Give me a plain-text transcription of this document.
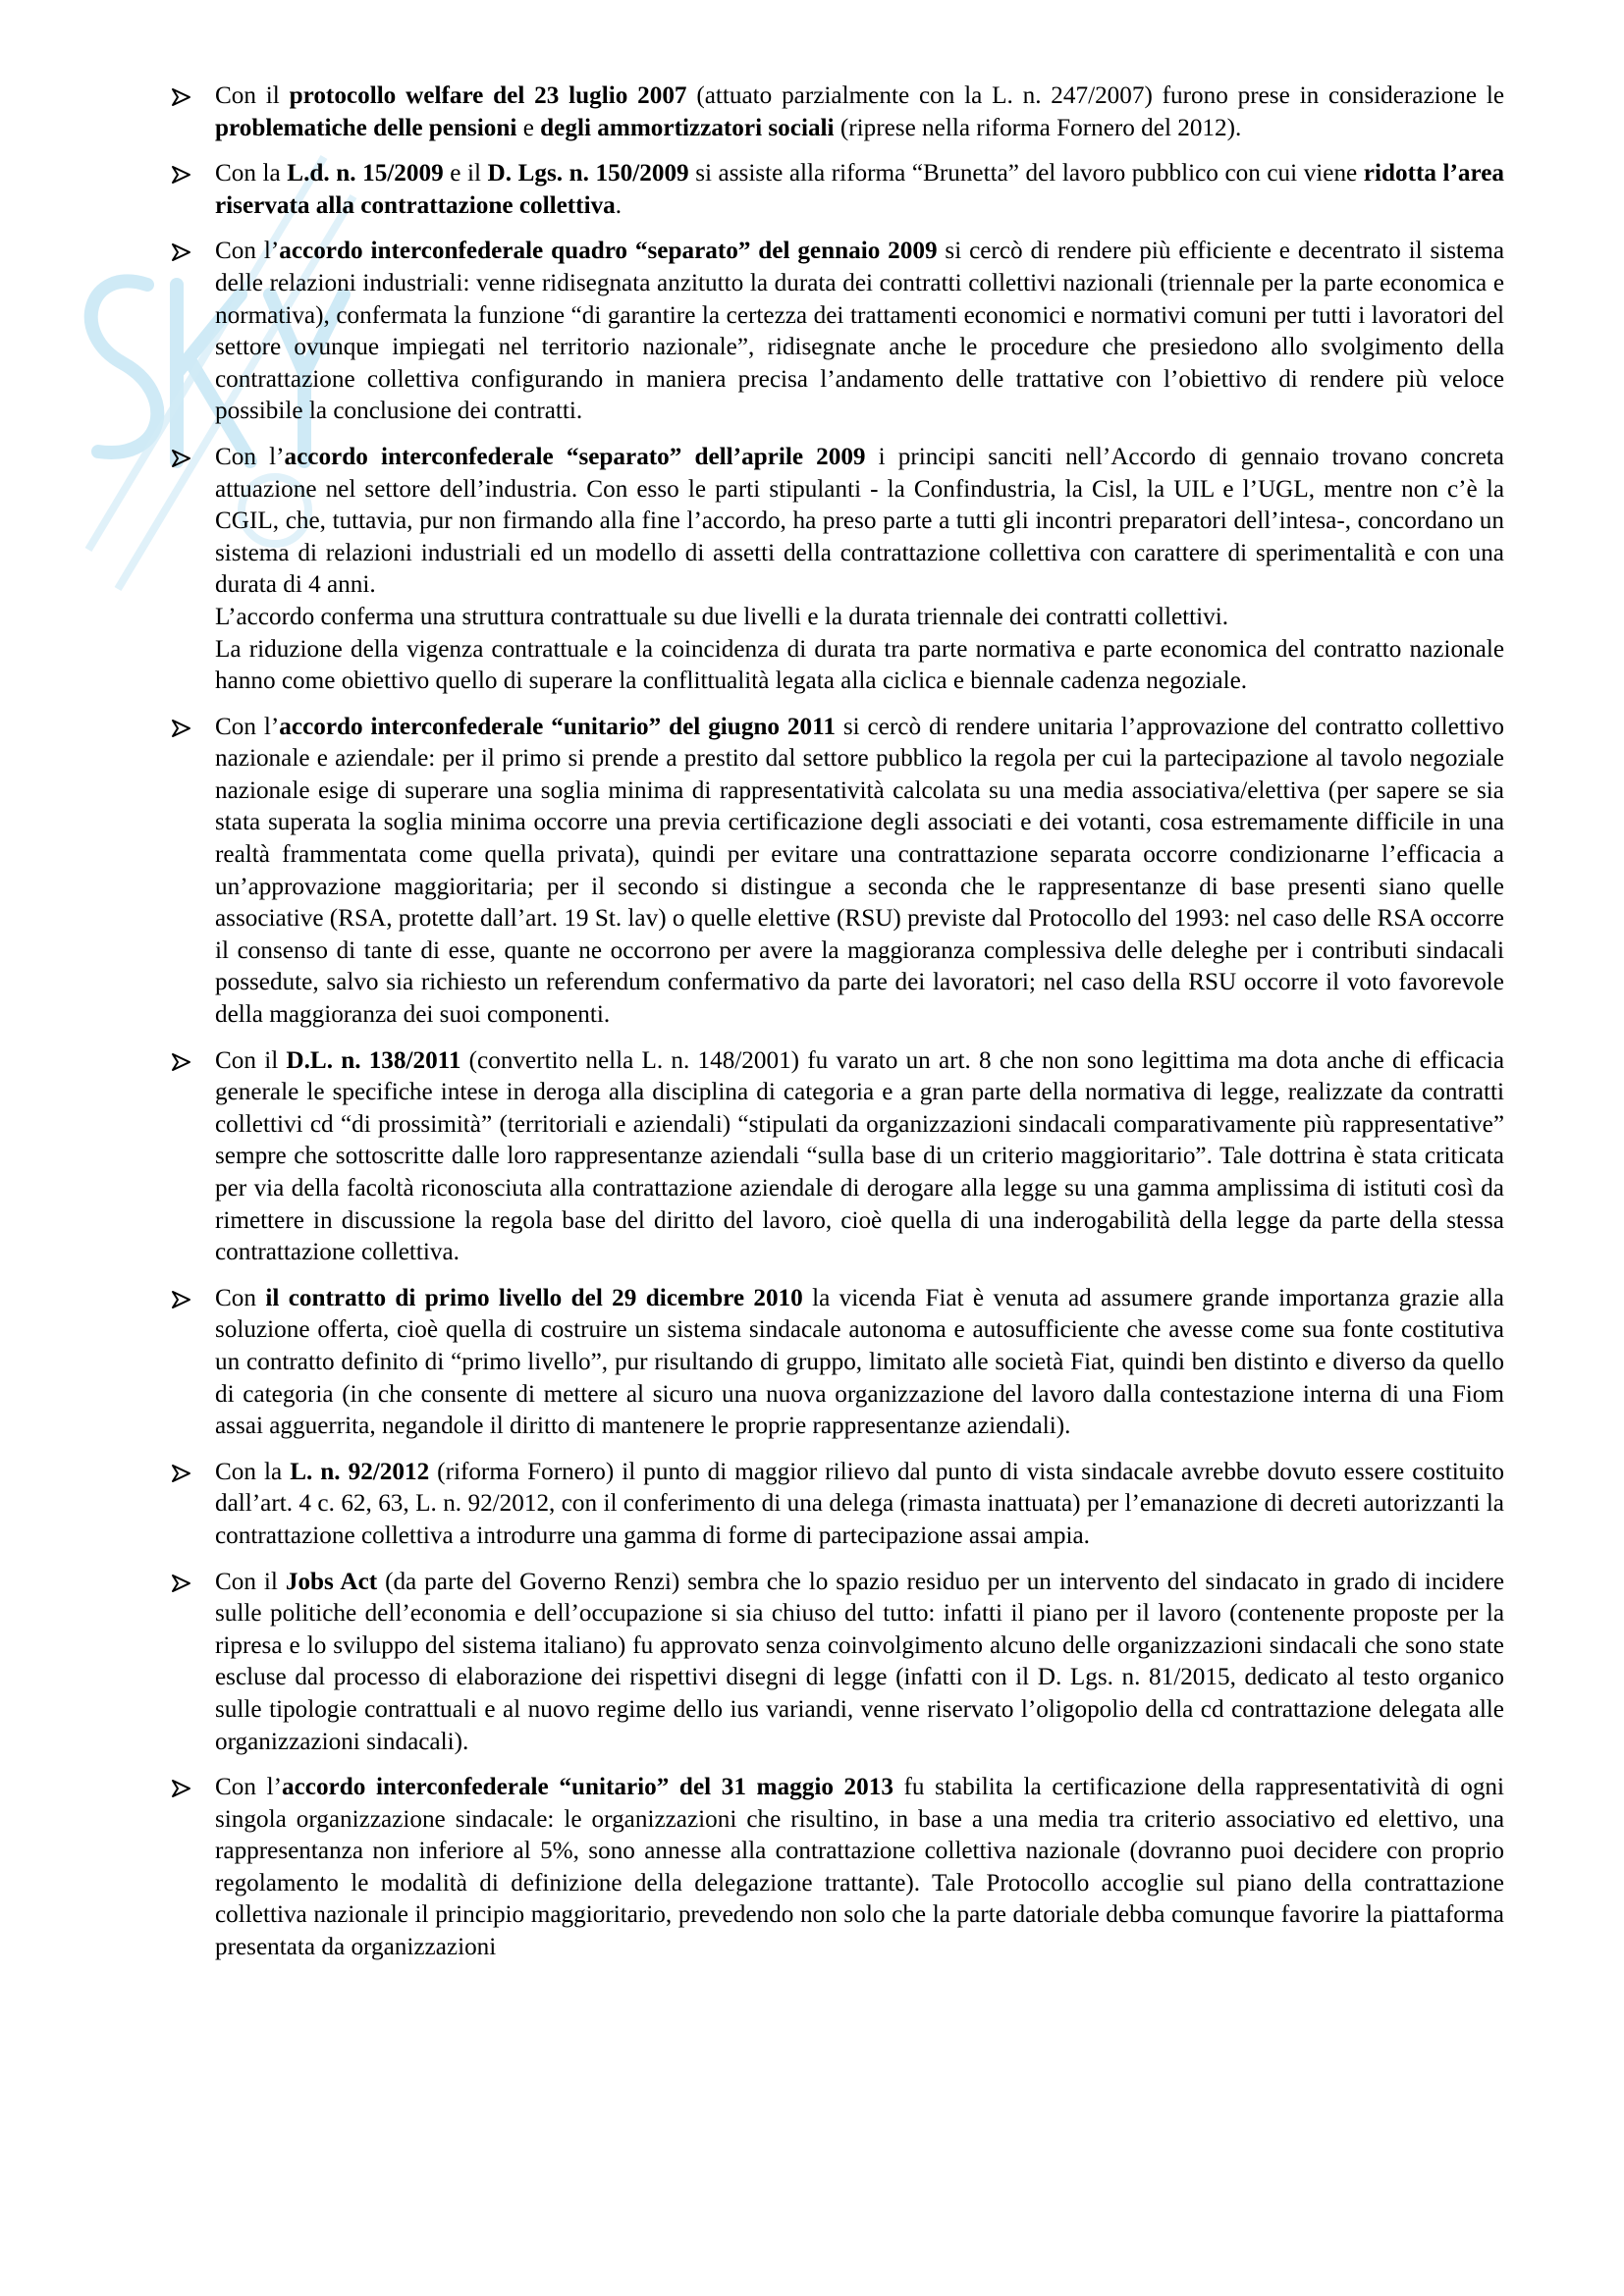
Con il protocollo welfare del 23 luglio 2007 (attuato parzialmente con la L. n. 247/2007) furono prese in considerazione le problematiche delle pensioni e degli ammortizzatori sociali (riprese nella riforma Fornero del 2012).

Con la L.d. n. 15/2009 e il D. Lgs. n. 150/2009 si assiste alla riforma “Brunetta” del lavoro pubblico con cui viene ridotta l’area riservata alla contrattazione collettiva.

Con l’accordo interconfederale quadro “separato” del gennaio 2009 si cercò di rendere più efficiente e decentrato il sistema delle relazioni industriali: venne ridisegnata anzitutto la durata dei contratti collettivi nazionali (triennale per la parte economica e normativa), confermata la funzione “di garantire la certezza dei trattamenti economici e normativi comuni per tutti i lavoratori del settore ovunque impiegati nel territorio nazionale”, ridisegnate anche le procedure che presiedono allo svolgimento della contrattazione collettiva configurando in maniera precisa l’andamento delle trattative con l’obiettivo di rendere più veloce possibile la conclusione dei contratti.

Con l’accordo interconfederale “separato” dell’aprile 2009 i principi sanciti nell’Accordo di gennaio trovano concreta attuazione nel settore dell’industria. Con esso le parti stipulanti - la Confindustria, la Cisl, la UIL e l’UGL, mentre non c’è la CGIL, che, tuttavia, pur non firmando alla fine l’accordo, ha preso parte a tutti gli incontri preparatori dell’intesa-, concordano un sistema di relazioni industriali ed un modello di assetti della contrattazione collettiva con carattere di sperimentalità e con una durata di 4 anni.

L’accordo conferma una struttura contrattuale su due livelli e la durata triennale dei contratti collettivi.

La riduzione della vigenza contrattuale e la coincidenza di durata tra parte normativa e parte economica del contratto nazionale hanno come obiettivo quello di superare la conflittualità legata alla ciclica e biennale cadenza negoziale.

Con l’accordo interconfederale “unitario” del giugno 2011 si cercò di rendere unitaria l’approvazione del contratto collettivo nazionale e aziendale: per il primo si prende a prestito dal settore pubblico la regola per cui la partecipazione al tavolo negoziale nazionale esige di superare una soglia minima di rappresentatività calcolata su una media associativa/elettiva (per sapere se sia stata superata la soglia minima occorre una previa certificazione degli associati e dei votanti, cosa estremamente difficile in una realtà frammentata come quella privata), quindi per evitare una contrattazione separata occorre condizionarne l’efficacia a un’approvazione maggioritaria; per il secondo si distingue a seconda che le rappresentanze di base presenti siano quelle associative (RSA, protette dall’art. 19 St. lav) o quelle elettive (RSU) previste dal Protocollo del 1993: nel caso delle RSA occorre il consenso di tante di esse, quante ne occorrono per avere la maggioranza complessiva delle deleghe per i contributi sindacali possedute, salvo sia richiesto un referendum confermativo da parte dei lavoratori; nel caso della RSU occorre il voto favorevole della maggioranza dei suoi componenti.

Con il D.L. n. 138/2011 (convertito nella L. n. 148/2001) fu varato un art. 8 che non sono legittima ma dota anche di efficacia generale le specifiche intese in deroga alla disciplina di categoria e a gran parte della normativa di legge, realizzate da contratti collettivi cd “di prossimità” (territoriali e aziendali) “stipulati da organizzazioni sindacali comparativamente più rappresentative” sempre che sottoscritte dalle loro rappresentanze aziendali “sulla base di un criterio maggioritario”. Tale dottrina è stata criticata per via della facoltà riconosciuta alla contrattazione aziendale di derogare alla legge su una gamma amplissima di istituti così da rimettere in discussione la regola base del diritto del lavoro, cioè quella di una inderogabilità della legge da parte della stessa contrattazione collettiva.

Con il contratto di primo livello del 29 dicembre 2010 la vicenda Fiat è venuta ad assumere grande importanza grazie alla soluzione offerta, cioè quella di costruire un sistema sindacale autonoma e autosufficiente che avesse come sua fonte costitutiva un contratto definito di “primo livello”, pur risultando di gruppo, limitato alle società Fiat, quindi ben distinto e diverso da quello di categoria (in che consente di mettere al sicuro una nuova organizzazione del lavoro dalla contestazione interna di una Fiom assai agguerrita, negandole il diritto di mantenere le proprie rappresentanze aziendali).

Con la L. n. 92/2012 (riforma Fornero) il punto di maggior rilievo dal punto di vista sindacale avrebbe dovuto essere costituito dall’art. 4 c. 62, 63, L. n. 92/2012, con il conferimento di una delega (rimasta inattuata) per l’emanazione di decreti autorizzanti la contrattazione collettiva a introdurre una gamma di forme di partecipazione assai ampia.

Con il Jobs Act (da parte del Governo Renzi) sembra che lo spazio residuo per un intervento del sindacato in grado di incidere sulle politiche dell’economia e dell’occupazione si sia chiuso del tutto: infatti il piano per il lavoro (contenente proposte per la ripresa e lo sviluppo del sistema italiano) fu approvato senza coinvolgimento alcuno delle organizzazioni sindacali che sono state escluse dal processo di elaborazione dei rispettivi disegni di legge (infatti con il D. Lgs. n. 81/2015, dedicato al testo organico sulle tipologie contrattuali e al nuovo regime dello ius variandi, venne riservato l’oligopolio della cd contrattazione delegata alle organizzazioni sindacali).

Con l’accordo interconfederale “unitario” del 31 maggio 2013 fu stabilita la certificazione della rappresentatività di ogni singola organizzazione sindacale: le organizzazioni che risultino, in base a una media tra criterio associativo ed elettivo, una rappresentanza non inferiore al 5%, sono annesse alla contrattazione collettiva nazionale (dovranno puoi decidere con proprio regolamento le modalità di definizione della delegazione trattante). Tale Protocollo accoglie sul piano della contrattazione collettiva nazionale il principio maggioritario, prevedendo non solo che la parte datoriale debba comunque favorire la piattaforma presentata da organizzazioni
